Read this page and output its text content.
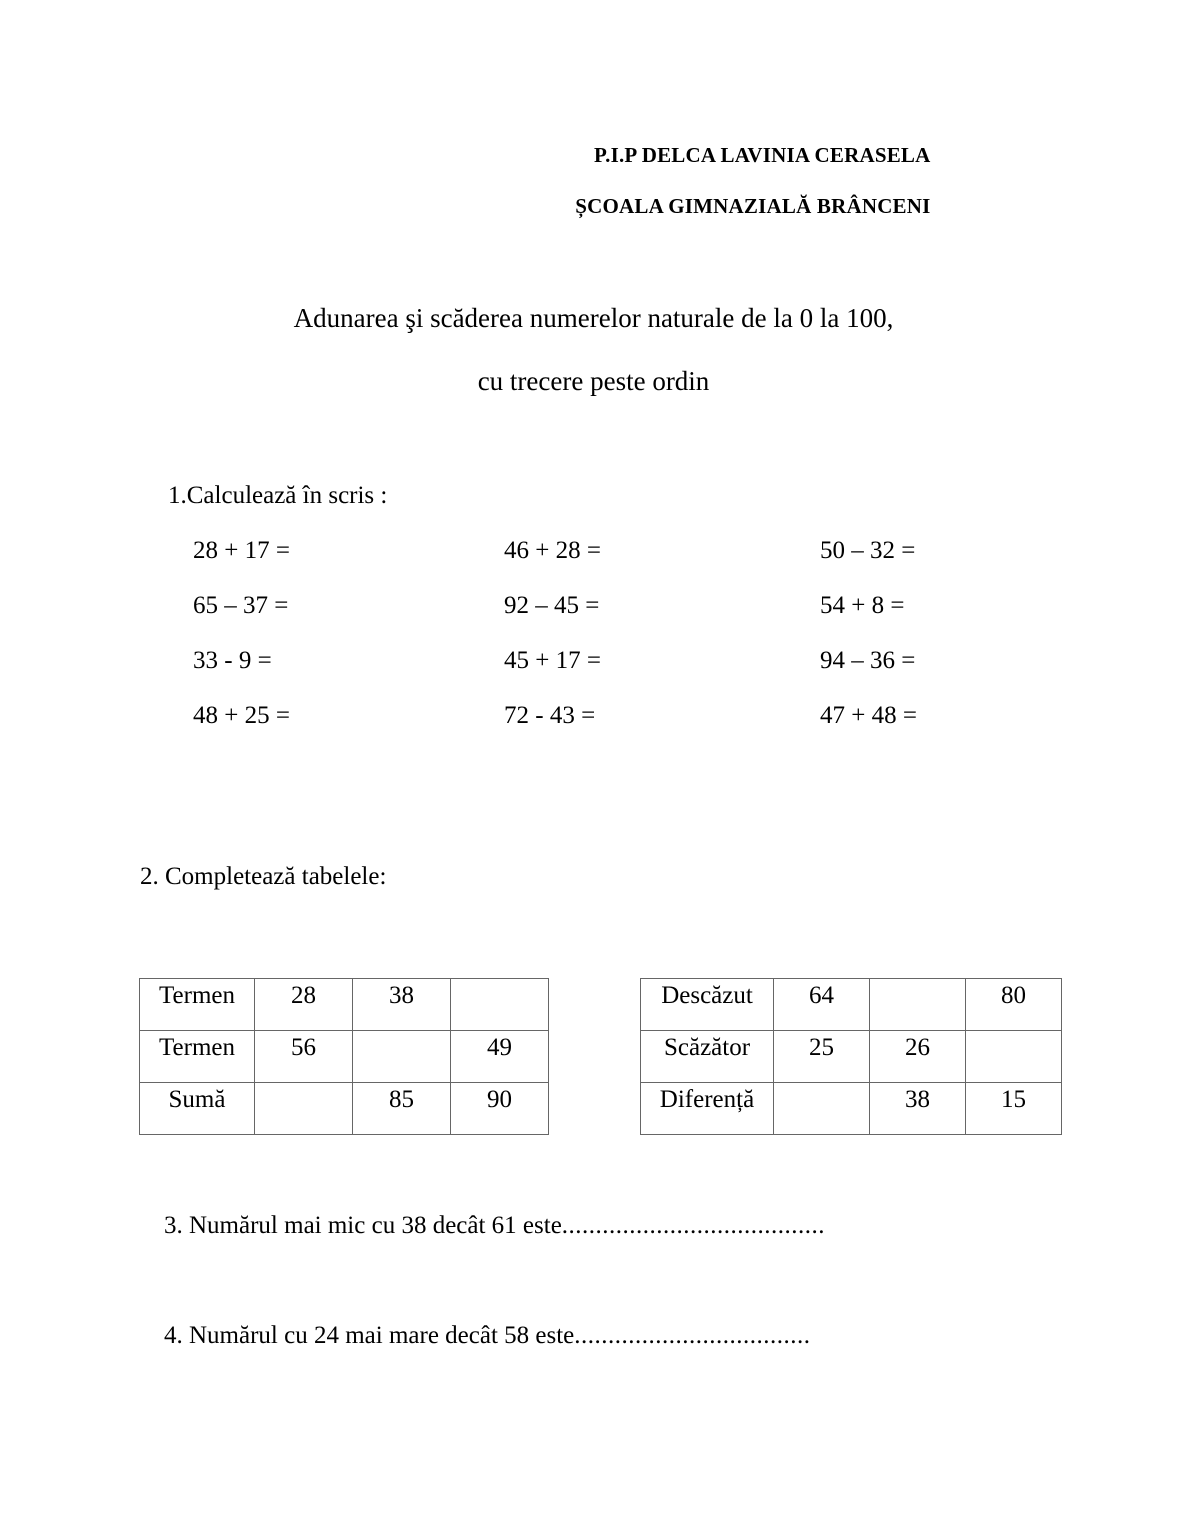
P.I.P DELCA LAVINIA CERASELA
ȘCOALA GIMNAZIALĂ BRÂNCENI
Adunarea şi scăderea numerelor naturale de la 0 la 100,
cu trecere peste ordin
1.Calculează în scris :
28 + 17 =	46 + 28 =	50 – 32 =
65 – 37 =	92 – 45 =	54 + 8 =
33 - 9 =	45 + 17 =	94 – 36 =
48 + 25 =	72 - 43 =	47 + 48 =
2. Completează tabelele:
Termen	28	38	
Termen	56		49
Sumă		85	90
Descăzut	64		80
Scăzător	25	26	
Diferență		38	15
3. Numărul mai mic cu 38 decât 61 este.......................................
4. Numărul cu 24 mai mare decât 58 este...................................
